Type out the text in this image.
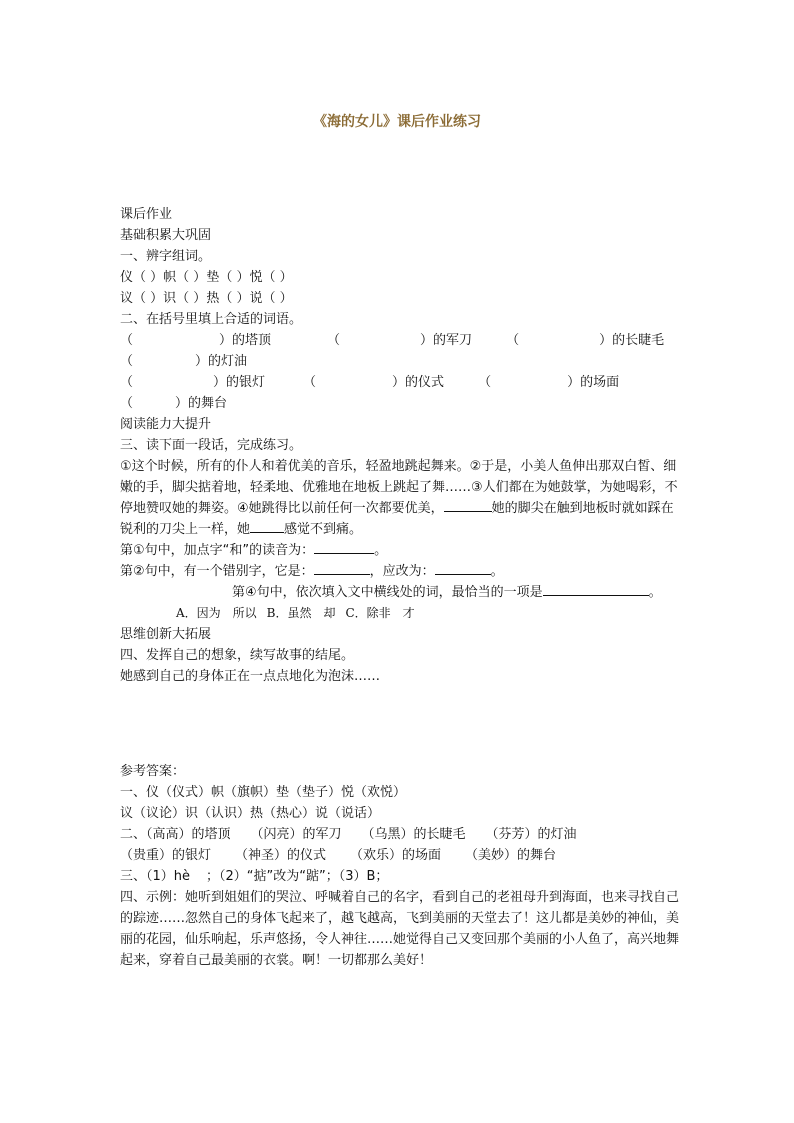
《海的女儿》课后作业练习
课后作业
基础积累大巩固
一、辨字组词。
仪（ ）帜（ ）垫（ ）悦（ ）
议（ ）识（ ）热（ ）说（ ）
二、在括号里填上合适的词语。
（	）的塔顶	（	）的军刀	（	）的长睫毛
（	）的灯油
（	）的银灯	（	）的仪式	（	）的场面
（	）的舞台
阅读能力大提升
三、读下面一段话，完成练习。
①这个时候，所有的仆人和着优美的音乐，轻盈地跳起舞来。②于是，小美人鱼伸出那双白皙、细嫩的手，脚尖掂着地，轻柔地、优雅地在地板上跳起了舞……③人们都在为她鼓掌，为她喝彩，不停地赞叹她的舞姿。④她跳得比以前任何一次都要优美，	她的脚尖在触到地板时就如踩在锐利的刀尖上一样，她	感觉不到痛。
第①句中，加点字“和”的读音为：	。
第②句中，有一个错别字，它是：	，应改为：	。
第④句中，依次填入文中横线处的词，最恰当的一项是	。
A．因为　所以 B．虽然　却 C．除非　才
思维创新大拓展
四、发挥自己的想象，续写故事的结尾。
她感到自己的身体正在一点点地化为泡沫……
参考答案：
一、仪（仪式）帜（旗帜）垫（垫子）悦（欢悦）
议（议论）识（认识）热（热心）说（说话）
二、（高高）的塔顶 （闪亮）的军刀 （乌黑）的长睫毛 （芬芳）的灯油
（贵重）的银灯 （神圣）的仪式 （欢乐）的场面 （美妙）的舞台
三、（1）hè ；（2）“掂”改为“踮”；（3）B；
四、示例：她听到姐姐们的哭泣、呼喊着自己的名字，看到自己的老祖母升到海面，也来寻找自己的踪迹……忽然自己的身体飞起来了，越飞越高，飞到美丽的天堂去了！这儿都是美妙的神仙，美丽的花园，仙乐响起，乐声悠扬，令人神往……她觉得自己又变回那个美丽的小人鱼了，高兴地舞起来，穿着自己最美丽的衣裳。啊！一切都那么美好！
